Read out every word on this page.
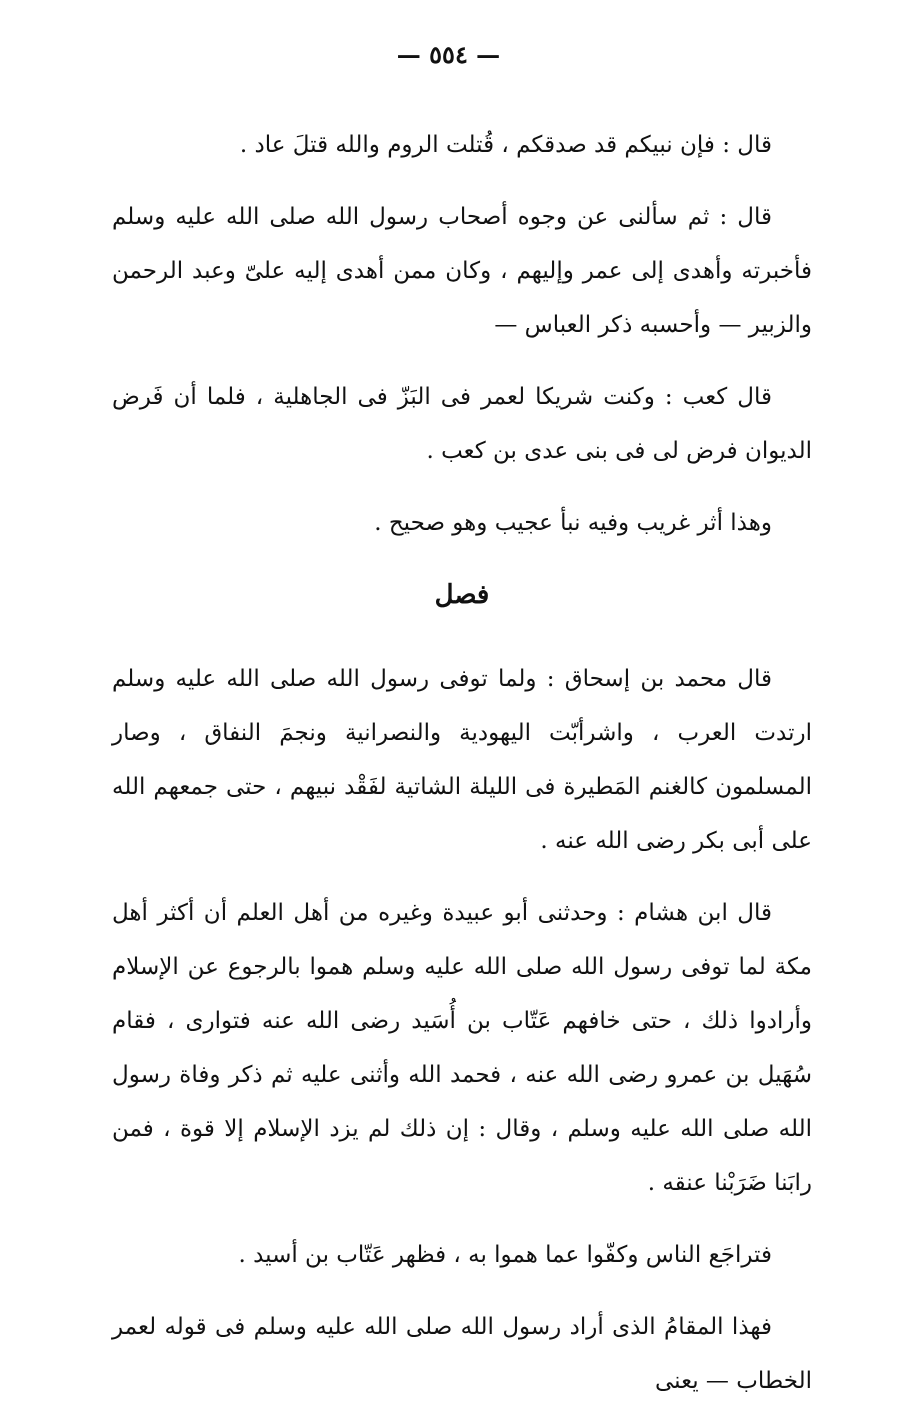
— ٥٥٤ —

قال : فإن نبيكم قد صدقكم ، قُتلت الروم والله قتلَ عاد .

قال : ثم سألنى عن وجوه أصحاب رسول الله صلى الله عليه وسلم فأخبرته وأهدى إلى عمر وإليهم ، وكان ممن أهدى إليه علىّ وعبد الرحمن والزبير — وأحسبه ذكر العباس —

قال كعب : وكنت شريكا لعمر فى البَزّ فى الجاهلية ، فلما أن فَرض الديوان فرض لى فى بنى عدى بن كعب .

وهذا أثر غريب وفيه نبأ عجيب وهو صحيح .

فصل

قال محمد بن إسحاق : ولما توفى رسول الله صلى الله عليه وسلم ارتدت العرب ، واشرأبّت اليهودية والنصرانية ونجمَ النفاق ، وصار المسلمون كالغنم المَطيرة فى الليلة الشاتية لفَقْد نبيهم ، حتى جمعهم الله على أبى بكر رضى الله عنه .

قال ابن هشام : وحدثنى أبو عبيدة وغيره من أهل العلم أن أكثر أهل مكة لما توفى رسول الله صلى الله عليه وسلم هموا بالرجوع عن الإسلام وأرادوا ذلك ، حتى خافهم عَتّاب بن أُسَيد رضى الله عنه فتوارى ، فقام سُهَيل بن عمرو رضى الله عنه ، فحمد الله وأثنى عليه ثم ذكر وفاة رسول الله صلى الله عليه وسلم ، وقال : إن ذلك لم يزد الإسلام إلا قوة ، فمن رابَنا ضَرَبْنا عنقه .

فتراجَع الناس وكفّوا عما هموا به ، فظهر عَتّاب بن أسيد .

فهذا المقامُ الذى أراد رسول الله صلى الله عليه وسلم فى قوله لعمر الخطاب — يعنى
